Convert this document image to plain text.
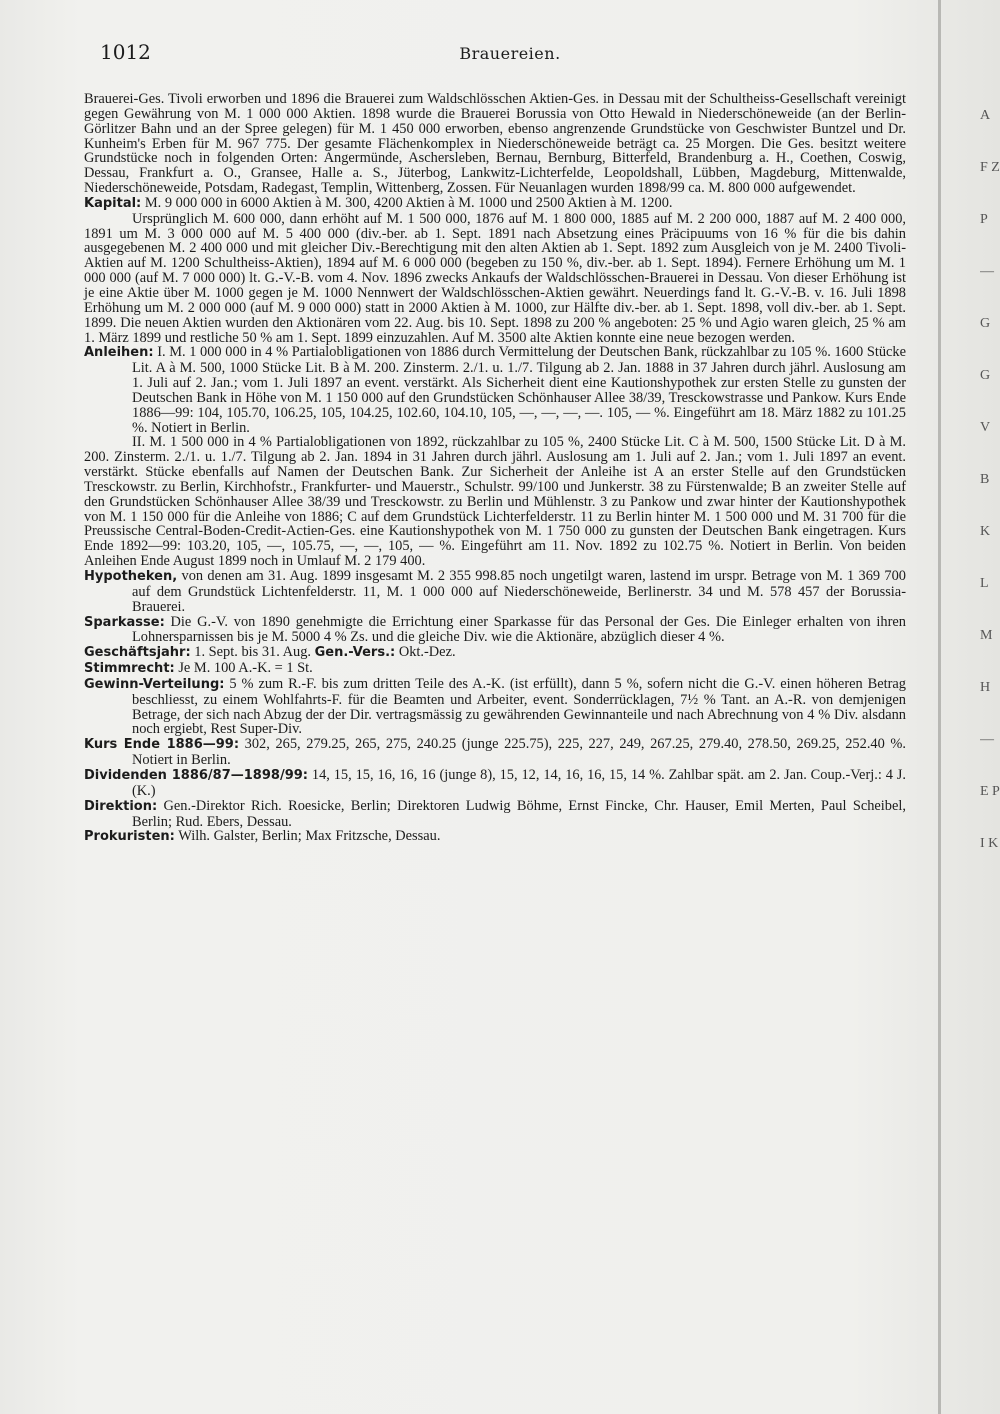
A F Z P — G G V B K L M H — E P I K
1012	Brauereien.

Brauerei-Ges. Tivoli erworben und 1896 die Brauerei zum Waldschlösschen Aktien-Ges. in Dessau mit der Schultheiss-Gesellschaft vereinigt gegen Gewährung von M. 1 000 000 Aktien. 1898 wurde die Brauerei Borussia von Otto Hewald in Niederschöneweide (an der Berlin-Görlitzer Bahn und an der Spree gelegen) für M. 1 450 000 erworben, ebenso angrenzende Grundstücke von Geschwister Buntzel und Dr. Kunheim's Erben für M. 967 775. Der gesamte Flächenkomplex in Niederschöneweide beträgt ca. 25 Morgen. Die Ges. besitzt weitere Grundstücke noch in folgenden Orten: Angermünde, Aschersleben, Bernau, Bernburg, Bitterfeld, Brandenburg a. H., Coethen, Coswig, Dessau, Frankfurt a. O., Gransee, Halle a. S., Jüterbog, Lankwitz-Lichterfelde, Leopoldshall, Lübben, Magdeburg, Mittenwalde, Niederschöneweide, Potsdam, Radegast, Templin, Wittenberg, Zossen. Für Neuanlagen wurden 1898/99 ca. M. 800 000 aufgewendet.

Kapital: M. 9 000 000 in 6000 Aktien à M. 300, 4200 Aktien à M. 1000 und 2500 Aktien à M. 1200.

Ursprünglich M. 600 000, dann erhöht auf M. 1 500 000, 1876 auf M. 1 800 000, 1885 auf M. 2 200 000, 1887 auf M. 2 400 000, 1891 um M. 3 000 000 auf M. 5 400 000 (div.-ber. ab 1. Sept. 1891 nach Absetzung eines Präcipuums von 16 % für die bis dahin ausgegebenen M. 2 400 000 und mit gleicher Div.-Berechtigung mit den alten Aktien ab 1. Sept. 1892 zum Ausgleich von je M. 2400 Tivoli-Aktien auf M. 1200 Schultheiss-Aktien), 1894 auf M. 6 000 000 (begeben zu 150 %, div.-ber. ab 1. Sept. 1894). Fernere Erhöhung um M. 1 000 000 (auf M. 7 000 000) lt. G.-V.-B. vom 4. Nov. 1896 zwecks Ankaufs der Waldschlösschen-Brauerei in Dessau. Von dieser Erhöhung ist je eine Aktie über M. 1000 gegen je M. 1000 Nennwert der Waldschlösschen-Aktien gewährt. Neuerdings fand lt. G.-V.-B. v. 16. Juli 1898 Erhöhung um M. 2 000 000 (auf M. 9 000 000) statt in 2000 Aktien à M. 1000, zur Hälfte div.-ber. ab 1. Sept. 1898, voll div.-ber. ab 1. Sept. 1899. Die neuen Aktien wurden den Aktionären vom 22. Aug. bis 10. Sept. 1898 zu 200 % angeboten: 25 % und Agio waren gleich, 25 % am 1. März 1899 und restliche 50 % am 1. Sept. 1899 einzuzahlen. Auf M. 3500 alte Aktien konnte eine neue bezogen werden.

Anleihen: I. M. 1 000 000 in 4 % Partialobligationen von 1886 durch Vermittelung der Deutschen Bank, rückzahlbar zu 105 %. 1600 Stücke Lit. A à M. 500, 1000 Stücke Lit. B à M. 200. Zinsterm. 2./1. u. 1./7. Tilgung ab 2. Jan. 1888 in 37 Jahren durch jährl. Auslosung am 1. Juli auf 2. Jan.; vom 1. Juli 1897 an event. verstärkt. Als Sicherheit dient eine Kautionshypothek zur ersten Stelle zu gunsten der Deutschen Bank in Höhe von M. 1 150 000 auf den Grundstücken Schönhauser Allee 38/39, Tresckowstrasse und Pankow. Kurs Ende 1886—99: 104, 105.70, 106.25, 105, 104.25, 102.60, 104.10, 105, —, —, —, —. 105, — %. Eingeführt am 18. März 1882 zu 101.25 %. Notiert in Berlin.

II. M. 1 500 000 in 4 % Partialobligationen von 1892, rückzahlbar zu 105 %, 2400 Stücke Lit. C à M. 500, 1500 Stücke Lit. D à M. 200. Zinsterm. 2./1. u. 1./7. Tilgung ab 2. Jan. 1894 in 31 Jahren durch jährl. Auslosung am 1. Juli auf 2. Jan.; vom 1. Juli 1897 an event. verstärkt. Stücke ebenfalls auf Namen der Deutschen Bank. Zur Sicherheit der Anleihe ist A an erster Stelle auf den Grundstücken Tresckowstr. zu Berlin, Kirchhofstr., Frankfurter- und Mauerstr., Schulstr. 99/100 und Junkerstr. 38 zu Fürstenwalde; B an zweiter Stelle auf den Grundstücken Schönhauser Allee 38/39 und Tresckowstr. zu Berlin und Mühlenstr. 3 zu Pankow und zwar hinter der Kautionshypothek von M. 1 150 000 für die Anleihe von 1886; C auf dem Grundstück Lichterfelderstr. 11 zu Berlin hinter M. 1 500 000 und M. 31 700 für die Preussische Central-Boden-Credit-Actien-Ges. eine Kautionshypothek von M. 1 750 000 zu gunsten der Deutschen Bank eingetragen. Kurs Ende 1892—99: 103.20, 105, —, 105.75, —, —, 105, — %. Eingeführt am 11. Nov. 1892 zu 102.75 %. Notiert in Berlin. Von beiden Anleihen Ende August 1899 noch in Umlauf M. 2 179 400.

Hypotheken, von denen am 31. Aug. 1899 insgesamt M. 2 355 998.85 noch ungetilgt waren, lastend im urspr. Betrage von M. 1 369 700 auf dem Grundstück Lichtenfelderstr. 11, M. 1 000 000 auf Niederschöneweide, Berlinerstr. 34 und M. 578 457 der Borussia-Brauerei.

Sparkasse: Die G.-V. von 1890 genehmigte die Errichtung einer Sparkasse für das Personal der Ges. Die Einleger erhalten von ihren Lohnersparnissen bis je M. 5000 4 % Zs. und die gleiche Div. wie die Aktionäre, abzüglich dieser 4 %.

Geschäftsjahr: 1. Sept. bis 31. Aug. Gen.-Vers.: Okt.-Dez.

Stimmrecht: Je M. 100 A.-K. = 1 St.

Gewinn-Verteilung: 5 % zum R.-F. bis zum dritten Teile des A.-K. (ist erfüllt), dann 5 %, sofern nicht die G.-V. einen höheren Betrag beschliesst, zu einem Wohlfahrts-F. für die Beamten und Arbeiter, event. Sonderrücklagen, 7½ % Tant. an A.-R. von demjenigen Betrage, der sich nach Abzug der der Dir. vertragsmässig zu gewährenden Gewinnanteile und nach Abrechnung von 4 % Div. alsdann noch ergiebt, Rest Super-Div.

Kurs Ende 1886—99: 302, 265, 279.25, 265, 275, 240.25 (junge 225.75), 225, 227, 249, 267.25, 279.40, 278.50, 269.25, 252.40 %. Notiert in Berlin.

Dividenden 1886/87—1898/99: 14, 15, 15, 16, 16, 16 (junge 8), 15, 12, 14, 16, 16, 15, 14 %. Zahlbar spät. am 2. Jan. Coup.-Verj.: 4 J. (K.)

Direktion: Gen.-Direktor Rich. Roesicke, Berlin; Direktoren Ludwig Böhme, Ernst Fincke, Chr. Hauser, Emil Merten, Paul Scheibel, Berlin; Rud. Ebers, Dessau.

Prokuristen: Wilh. Galster, Berlin; Max Fritzsche, Dessau.
